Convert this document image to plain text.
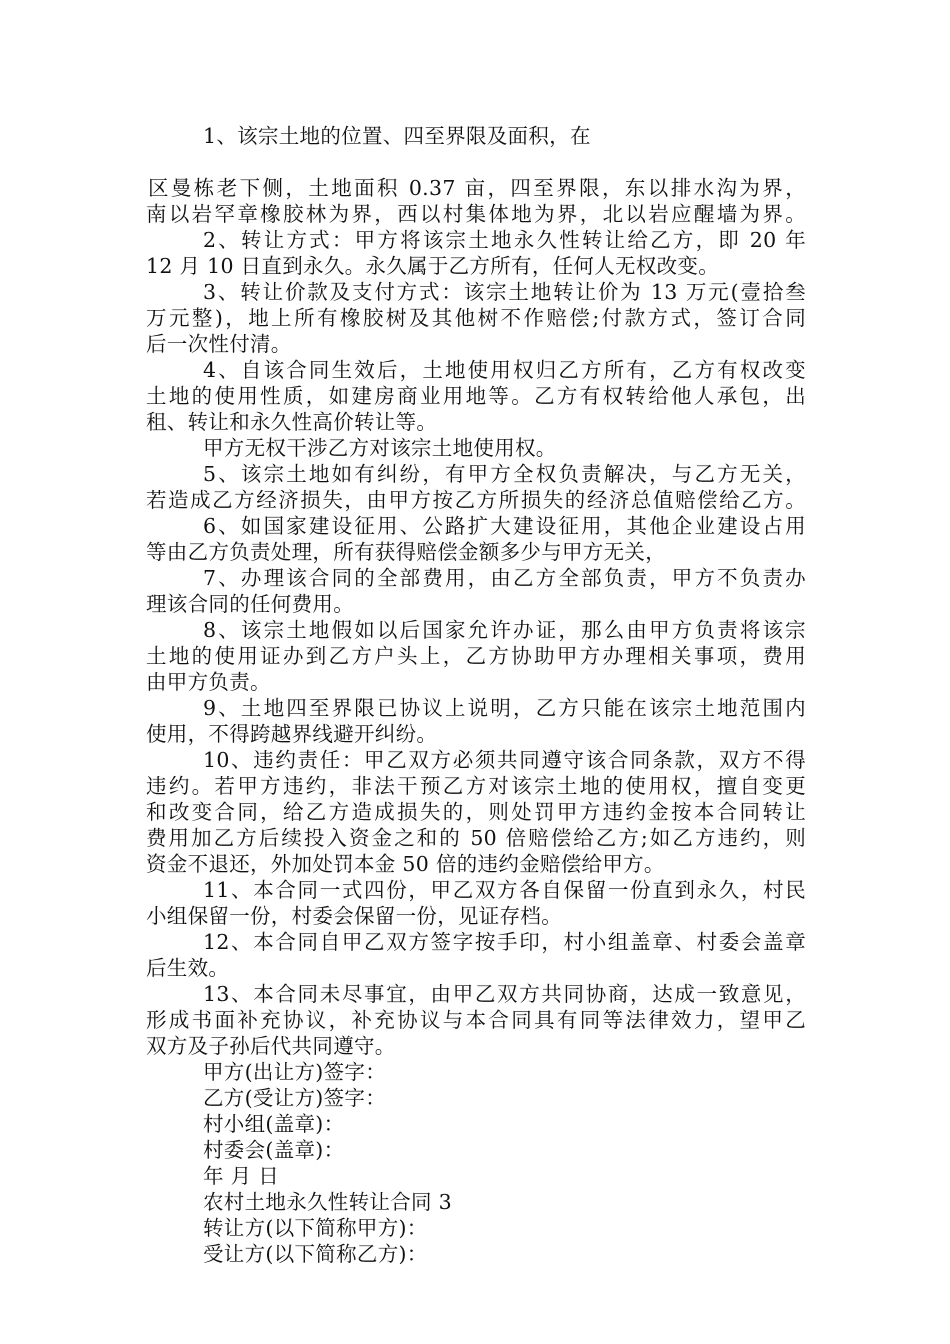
1、该宗土地的位置、四至界限及面积，在
区曼栋老下侧，土地面积 0.37 亩，四至界限，东以排水沟为界，
南以岩罕章橡胶林为界，西以村集体地为界，北以岩应醒墙为界。
2、转让方式：甲方将该宗土地永久性转让给乙方，即 20 年
12 月 10 日直到永久。永久属于乙方所有，任何人无权改变。
3、转让价款及支付方式：该宗土地转让价为 13 万元(壹拾叁
万元整)，地上所有橡胶树及其他树不作赔偿;付款方式，签订合同
后一次性付清。
4、自该合同生效后，土地使用权归乙方所有，乙方有权改变
土地的使用性质，如建房商业用地等。乙方有权转给他人承包，出
租、转让和永久性高价转让等。
甲方无权干涉乙方对该宗土地使用权。
5、该宗土地如有纠纷，有甲方全权负责解决，与乙方无关，
若造成乙方经济损失，由甲方按乙方所损失的经济总值赔偿给乙方。
6、如国家建设征用、公路扩大建设征用，其他企业建设占用
等由乙方负责处理，所有获得赔偿金额多少与甲方无关，
7、办理该合同的全部费用，由乙方全部负责，甲方不负责办
理该合同的任何费用。
8、该宗土地假如以后国家允许办证，那么由甲方负责将该宗
土地的使用证办到乙方户头上，乙方协助甲方办理相关事项，费用
由甲方负责。
9、土地四至界限已协议上说明，乙方只能在该宗土地范围内
使用，不得跨越界线避开纠纷。
10、违约责任：甲乙双方必须共同遵守该合同条款，双方不得
违约。若甲方违约，非法干预乙方对该宗土地的使用权，擅自变更
和改变合同，给乙方造成损失的，则处罚甲方违约金按本合同转让
费用加乙方后续投入资金之和的 50 倍赔偿给乙方;如乙方违约，则
资金不退还，外加处罚本金 50 倍的违约金赔偿给甲方。
11、本合同一式四份，甲乙双方各自保留一份直到永久，村民
小组保留一份，村委会保留一份，见证存档。
12、本合同自甲乙双方签字按手印，村小组盖章、村委会盖章
后生效。
13、本合同未尽事宜，由甲乙双方共同协商，达成一致意见，
形成书面补充协议，补充协议与本合同具有同等法律效力，望甲乙
双方及子孙后代共同遵守。
甲方(出让方)签字：
乙方(受让方)签字：
村小组(盖章)：
村委会(盖章)：
年 月 日
农村土地永久性转让合同 3
转让方(以下简称甲方)：
受让方(以下简称乙方)：
